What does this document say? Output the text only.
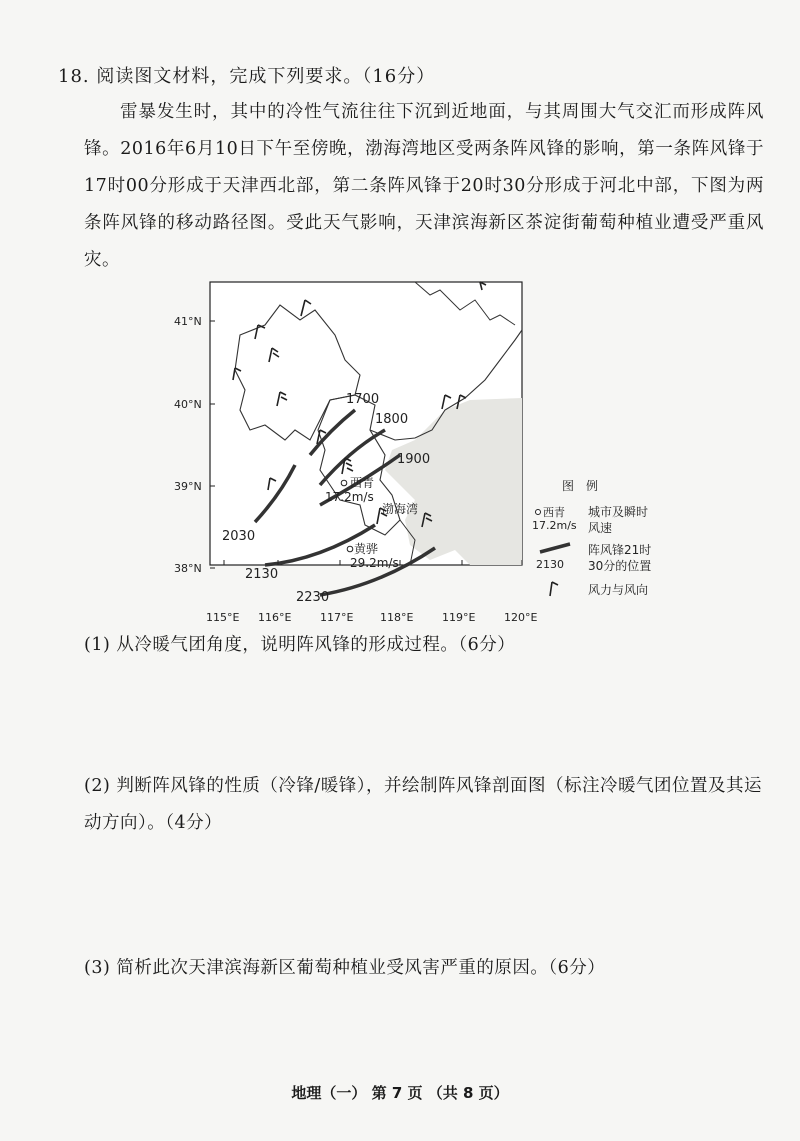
18. 阅读图文材料，完成下列要求。（16分）
雷暴发生时，其中的冷性气流往往下沉到近地面，与其周围大气交汇而形成阵风锋。2016年6月10日下午至傍晚，渤海湾地区受两条阵风锋的影响，第一条阵风锋于17时00分形成于天津西北部，第二条阵风锋于20时30分形成于河北中部，下图为两条阵风锋的移动路径图。受此天气影响，天津滨海新区茶淀街葡萄种植业遭受严重风灾。
西青
17.2m/s
黄骅
29.2m/s
渤海湾
1700
1800
1900
2030
2130
2230
41°N
40°N
39°N
38°N
115°E 116°E	117°E 118°E	119°E	120°E
图　例
西青
17.2m/s
城市及瞬时
风速
2130
阵风锋21时
30分的位置
风力与风向
(1) 从冷暖气团角度，说明阵风锋的形成过程。（6分）
(2) 判断阵风锋的性质（冷锋/暖锋），并绘制阵风锋剖面图（标注冷暖气团位置及其运动方向）。（4分）
(3) 简析此次天津滨海新区葡萄种植业受风害严重的原因。（6分）
地理（一） 第 7 页 （共 8 页）
